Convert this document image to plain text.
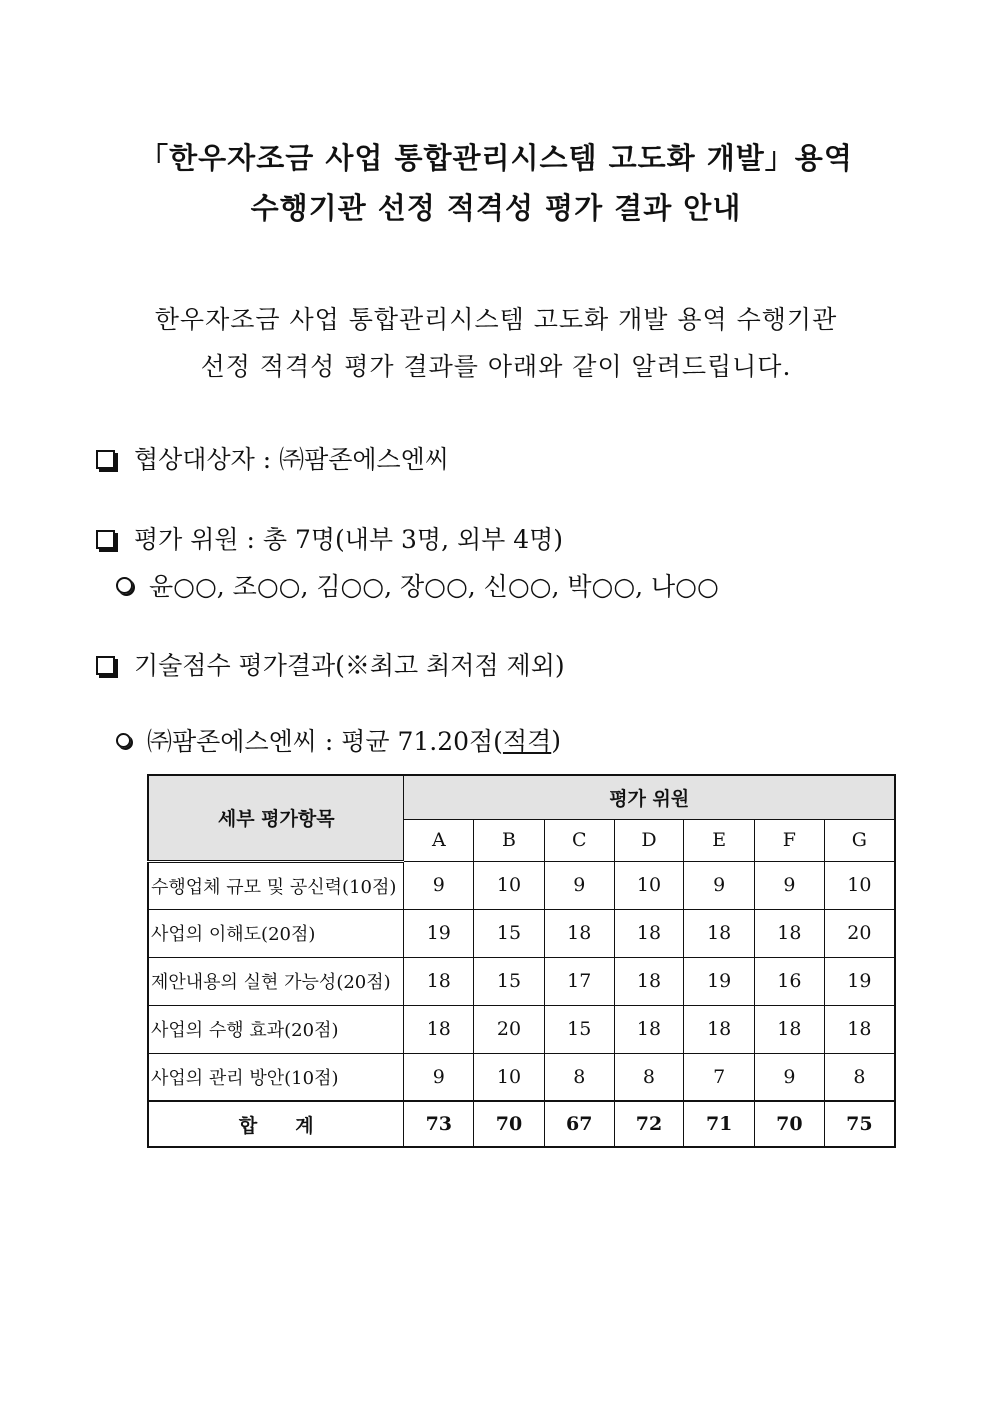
「한우자조금 사업 통합관리시스템 고도화 개발」용역
수행기관 선정 적격성 평가 결과 안내
한우자조금 사업 통합관리시스템 고도화 개발 용역 수행기관
선정 적격성 평가 결과를 아래와 같이 알려드립니다.
협상대상자 : ㈜팜존에스엔씨
평가 위원 : 총 7명(내부 3명, 외부 4명)
윤○○, 조○○, 김○○, 장○○, 신○○, 박○○, 나○○
기술점수 평가결과(※최고 최저점 제외)
㈜팜존에스엔씨 : 평균 71.20점( 적격 )
세부 평가항목	평가 위원						
	A	B	C	D	E	F	G
수행업체 규모 및 공신력(10점)	9	10	9	10	9	9	10
사업의 이해도(20점)	19	15	18	18	18	18	20
제안내용의 실현 가능성(20점)	18	15	17	18	19	16	19
사업의 수행 효과(20점)	18	20	15	18	18	18	18
사업의 관리 방안(10점)	9	10	8	8	7	9	8
합　　계	73	70	67	72	71	70	75
